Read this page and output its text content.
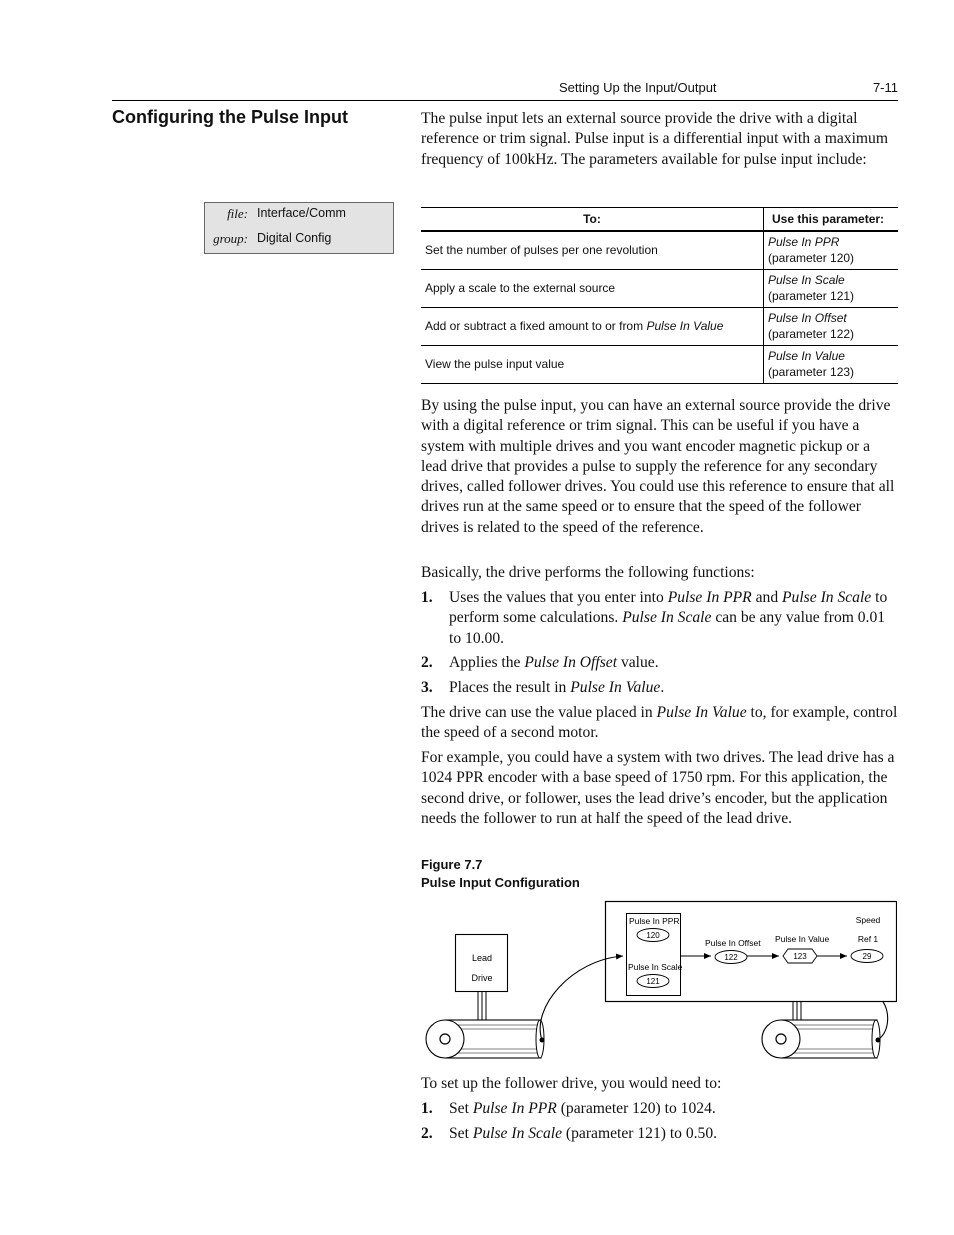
Setting Up the Input/Output	7-11
Configuring the Pulse Input
file: Interface/Comm
group: Digital Config
The pulse input lets an external source provide the drive with a digital reference or trim signal. Pulse input is a differential input with a maximum frequency of 100kHz. The parameters available for pulse input include:
To:	Use this parameter:
Set the number of pulses per one revolution	Pulse In PPR
(parameter 120)
Apply a scale to the external source	Pulse In Scale
(parameter 121)
Add or subtract a fixed amount to or from Pulse In Value	Pulse In Offset
(parameter 122)
View the pulse input value	Pulse In Value
(parameter 123)
By using the pulse input, you can have an external source provide the drive with a digital reference or trim signal. This can be useful if you have a system with multiple drives and you want encoder magnetic pickup or a lead drive that provides a pulse to supply the reference for any secondary drives, called follower drives. You could use this reference to ensure that all drives run at the same speed or to ensure that the speed of the follower drives is related to the speed of the reference.
Basically, the drive performs the following functions:
1. Uses the values that you enter into Pulse In PPR and Pulse In Scale to perform some calculations. Pulse In Scale can be any value from 0.01 to 10.00.
2. Applies the Pulse In Offset value.
3. Places the result in Pulse In Value.
The drive can use the value placed in Pulse In Value to, for example, control the speed of a second motor.
For example, you could have a system with two drives. The lead drive has a 1024 PPR encoder with a base speed of 1750 rpm. For this application, the second drive, or follower, uses the lead drive’s encoder, but the application needs the follower to run at half the speed of the lead drive.
Figure 7.7
Pulse Input Configuration
Pulse In PPR
120
Pulse In Scale
121
Pulse In Offset
122
Pulse In Value
123
Speed
Ref 1
29
Lead
Drive
To set up the follower drive, you would need to:
1. Set Pulse In PPR (parameter 120) to 1024.
2. Set Pulse In Scale (parameter 121) to 0.50.
